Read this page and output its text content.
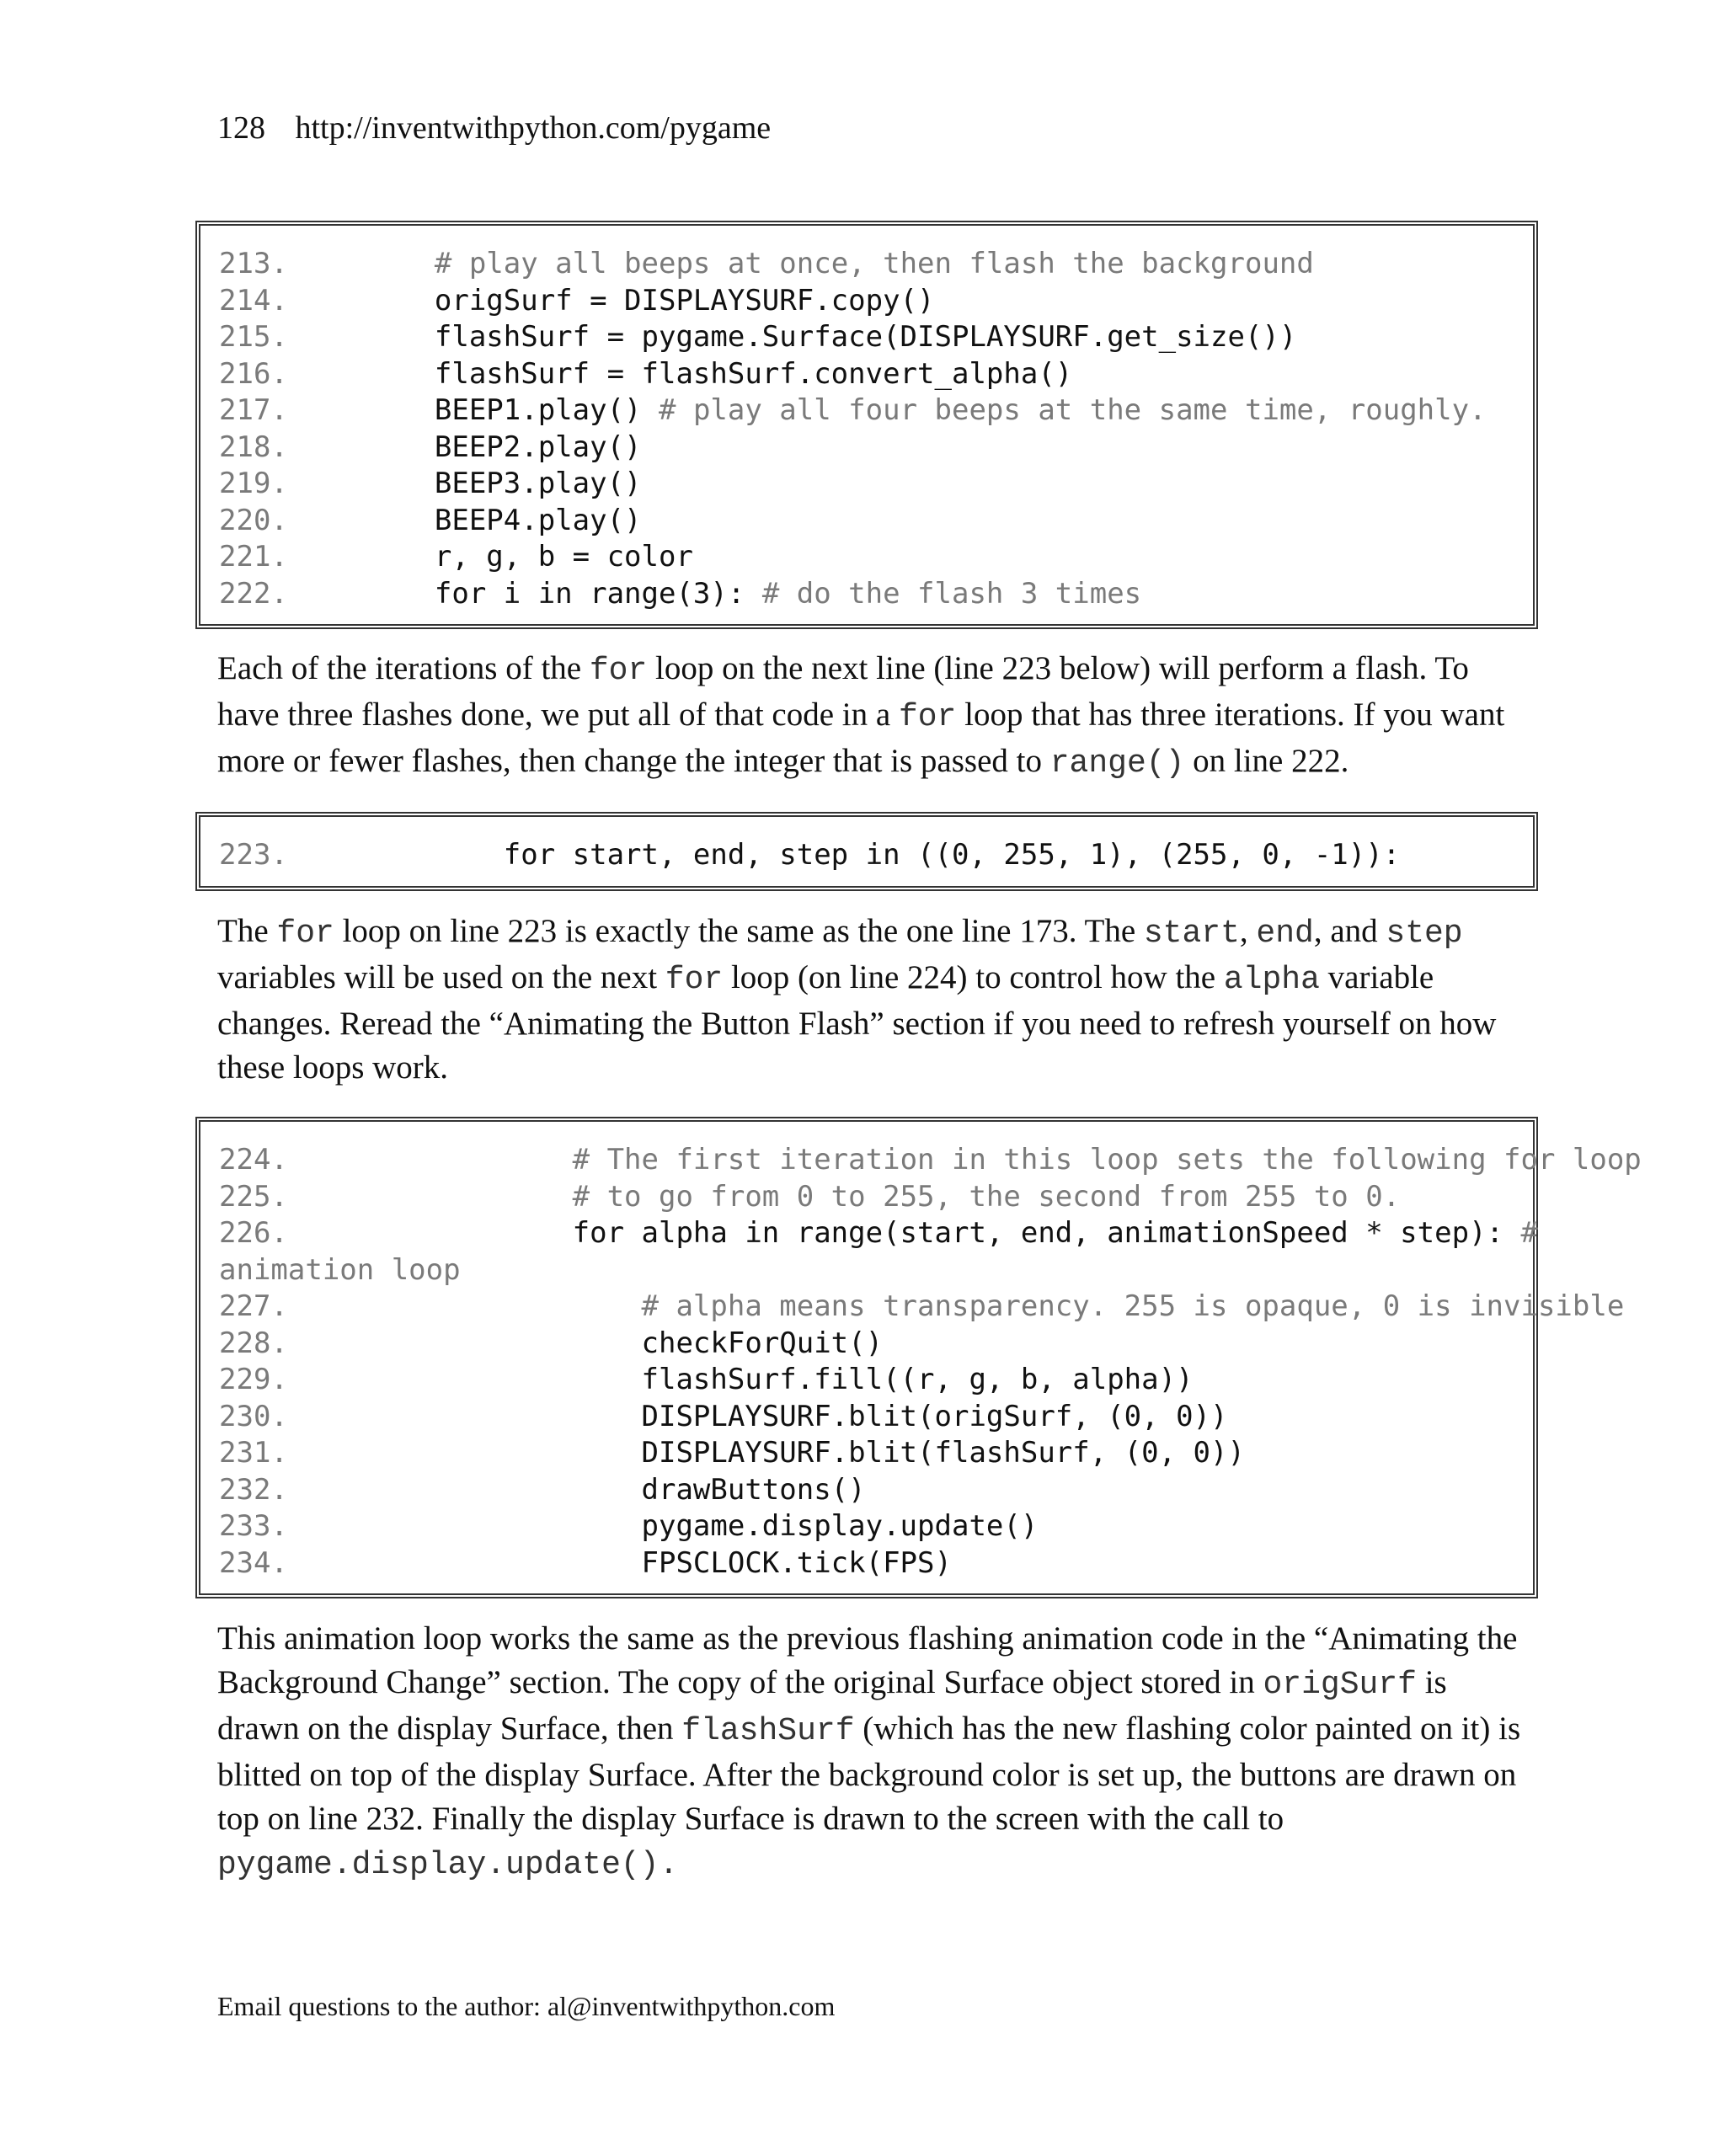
128 http://inventwithpython.com/pygame
213.	# play all beeps at once, then flash the background
214.	origSurf = DISPLAYSURF.copy()
215.	flashSurf = pygame.Surface(DISPLAYSURF.get_size())
216.	flashSurf = flashSurf.convert_alpha()
217.	BEEP1.play() # play all four beeps at the same time, roughly.
218.	BEEP2.play()
219.	BEEP3.play()
220.	BEEP4.play()
221.	r, g, b = color
222.	for i in range(3): # do the flash 3 times
Each of the iterations of the for loop on the next line (line 223 below) will perform a flash. To have three flashes done, we put all of that code in a for loop that has three iterations. If you want more or fewer flashes, then change the integer that is passed to range() on line 222.
223.	for start, end, step in ((0, 255, 1), (255, 0, -1)):
The for loop on line 223 is exactly the same as the one line 173. The start, end, and step variables will be used on the next for loop (on line 224) to control how the alpha variable changes. Reread the “Animating the Button Flash” section if you need to refresh yourself on how these loops work.
224.	# The first iteration in this loop sets the following for loop
225.	# to go from 0 to 255, the second from 255 to 0.
226.	for alpha in range(start, end, animationSpeed * step): #
animation loop
227.	# alpha means transparency. 255 is opaque, 0 is invisible
228.	checkForQuit()
229.	flashSurf.fill((r, g, b, alpha))
230.	DISPLAYSURF.blit(origSurf, (0, 0))
231.	DISPLAYSURF.blit(flashSurf, (0, 0))
232.	drawButtons()
233.	pygame.display.update()
234.	FPSCLOCK.tick(FPS)
This animation loop works the same as the previous flashing animation code in the “Animating the Background Change” section. The copy of the original Surface object stored in origSurf is drawn on the display Surface, then flashSurf (which has the new flashing color painted on it) is blitted on top of the display Surface. After the background color is set up, the buttons are drawn on top on line 232. Finally the display Surface is drawn to the screen with the call to pygame.display.update().
Email questions to the author: al@inventwithpython.com
